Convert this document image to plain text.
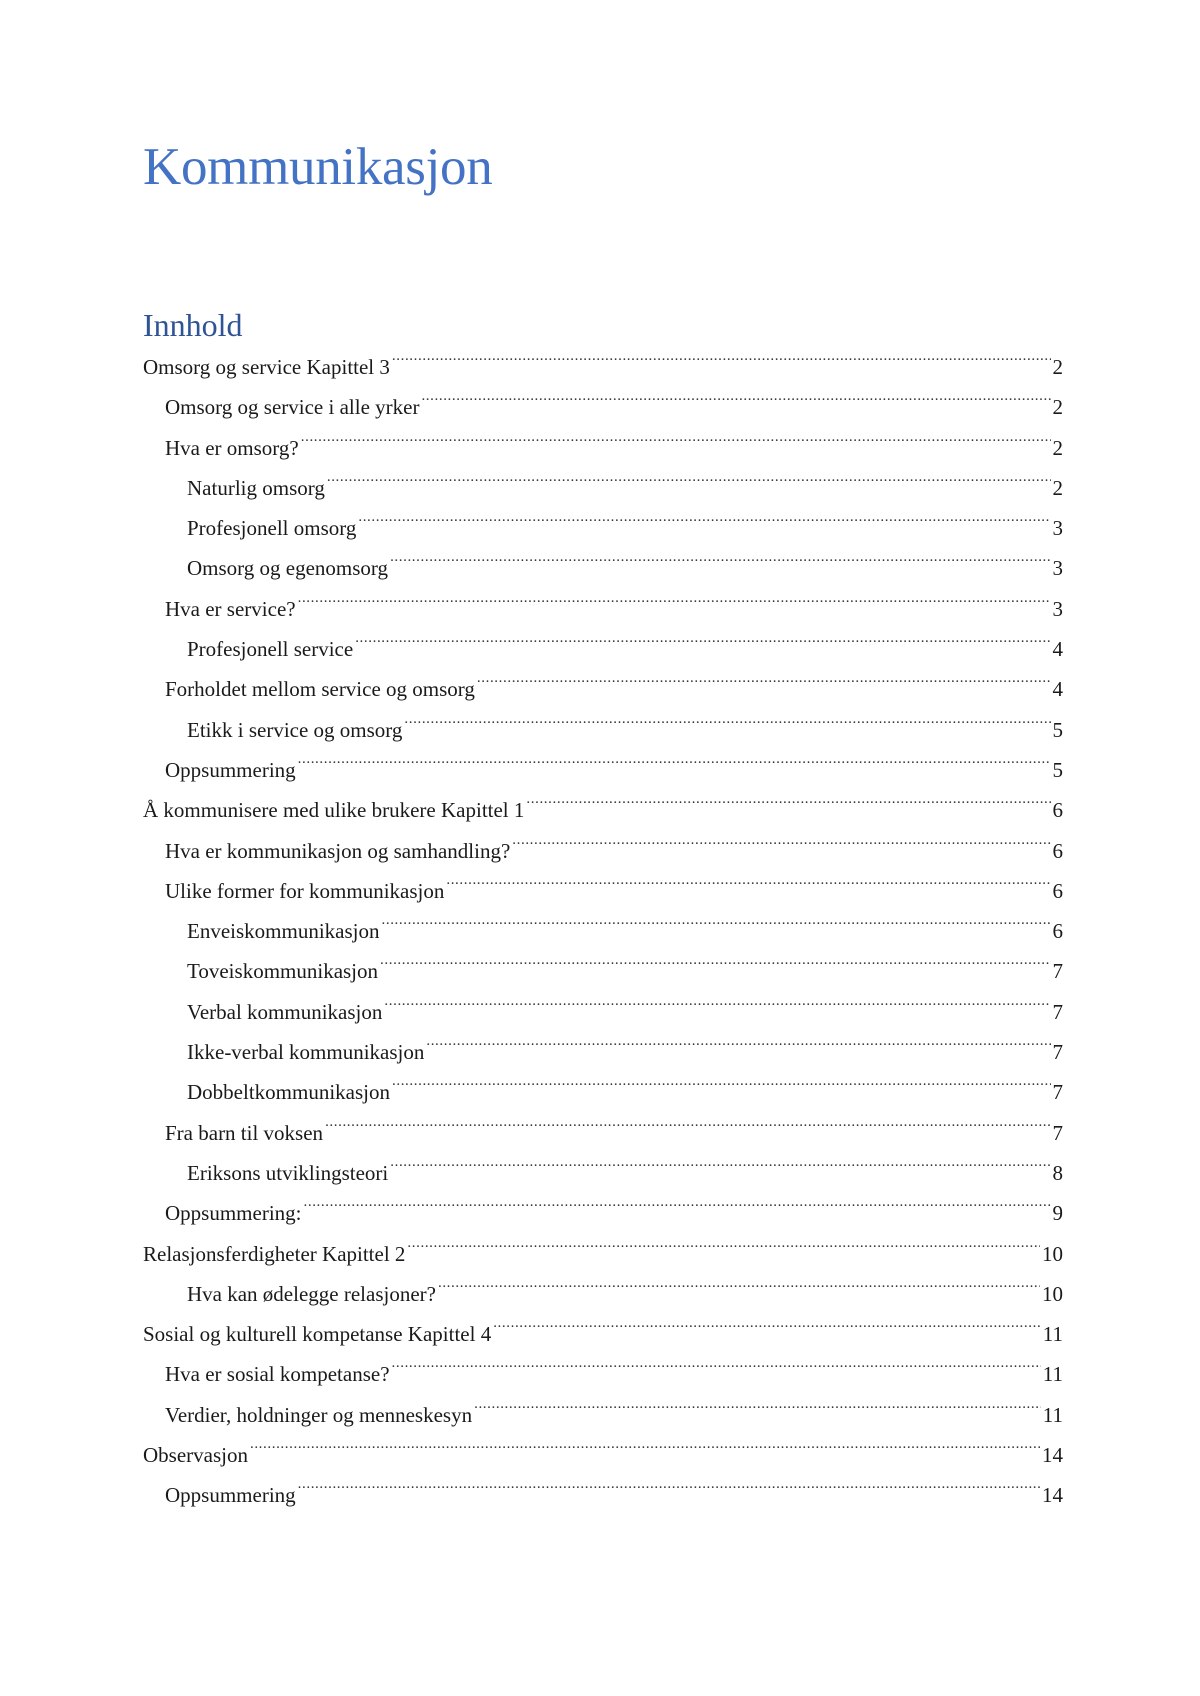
Kommunikasjon
Innhold
Omsorg og service Kapittel 3 .....	2
Omsorg og service i alle yrker .....	2
Hva er omsorg? .....	2
Naturlig omsorg .....	2
Profesjonell omsorg .....	3
Omsorg og egenomsorg .....	3
Hva er service? .....	3
Profesjonell service .....	4
Forholdet mellom service og omsorg .....	4
Etikk i service og omsorg .....	5
Oppsummering .....	5
Å kommunisere med ulike brukere Kapittel 1 .....	6
Hva er kommunikasjon og samhandling? .....	6
Ulike former for kommunikasjon .....	6
Enveiskommunikasjon .....	6
Toveiskommunikasjon .....	7
Verbal kommunikasjon .....	7
Ikke-verbal kommunikasjon .....	7
Dobbeltkommunikasjon .....	7
Fra barn til voksen .....	7
Eriksons utviklingsteori .....	8
Oppsummering: .....	9
Relasjonsferdigheter Kapittel 2 .....	10
Hva kan ødelegge relasjoner? .....	10
Sosial og kulturell kompetanse Kapittel 4 .....	11
Hva er sosial kompetanse? .....	11
Verdier, holdninger og menneskesyn .....	11
Observasjon .....	14
Oppsummering .....	14
